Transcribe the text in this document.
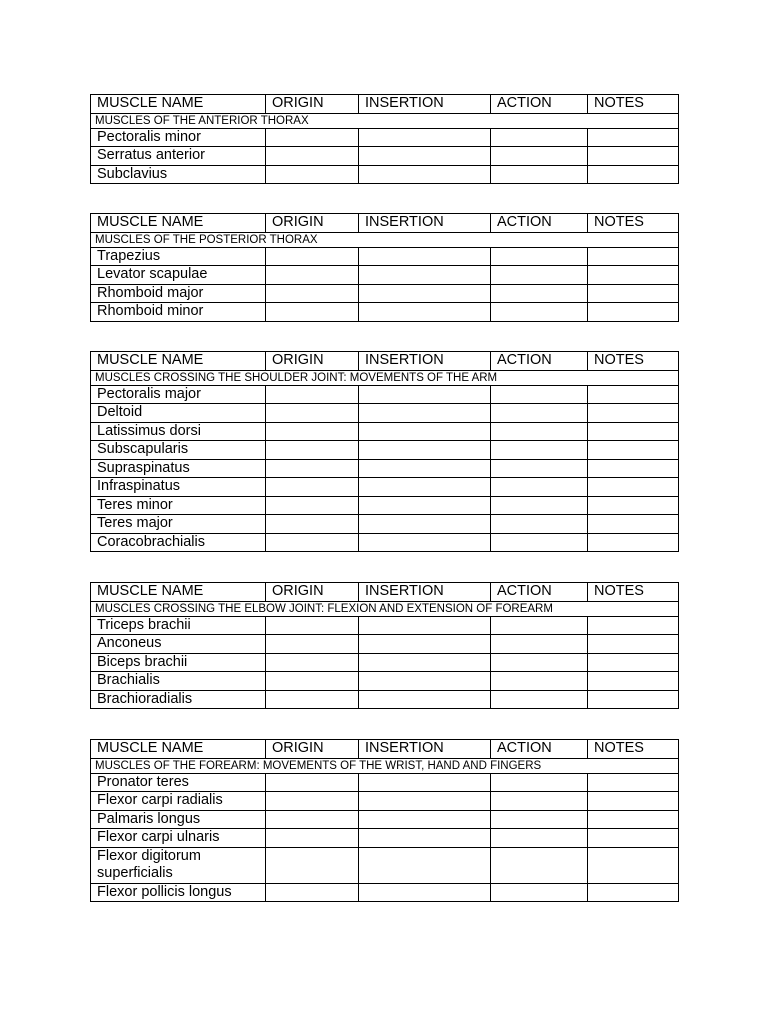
MUSCLE NAME	ORIGIN	INSERTION	ACTION	NOTES
MUSCLES OF THE ANTERIOR THORAX				
Pectoralis minor				
Serratus anterior				
Subclavius				
MUSCLE NAME	ORIGIN	INSERTION	ACTION	NOTES
MUSCLES OF THE POSTERIOR THORAX				
Trapezius				
Levator scapulae				
Rhomboid major				
Rhomboid minor				
MUSCLE NAME	ORIGIN	INSERTION	ACTION	NOTES
MUSCLES CROSSING THE SHOULDER JOINT: MOVEMENTS OF THE ARM				
Pectoralis major				
Deltoid				
Latissimus dorsi				
Subscapularis				
Supraspinatus				
Infraspinatus				
Teres minor				
Teres major				
Coracobrachialis				
MUSCLE NAME	ORIGIN	INSERTION	ACTION	NOTES
MUSCLES CROSSING THE ELBOW JOINT: FLEXION AND EXTENSION OF FOREARM				
Triceps brachii				
Anconeus				
Biceps brachii				
Brachialis				
Brachioradialis				
MUSCLE NAME	ORIGIN	INSERTION	ACTION	NOTES
MUSCLES OF THE FOREARM: MOVEMENTS OF THE WRIST, HAND AND FINGERS				
Pronator teres				
Flexor carpi radialis				
Palmaris longus				
Flexor carpi ulnaris				
Flexor digitorum superficialis				
Flexor pollicis longus				
